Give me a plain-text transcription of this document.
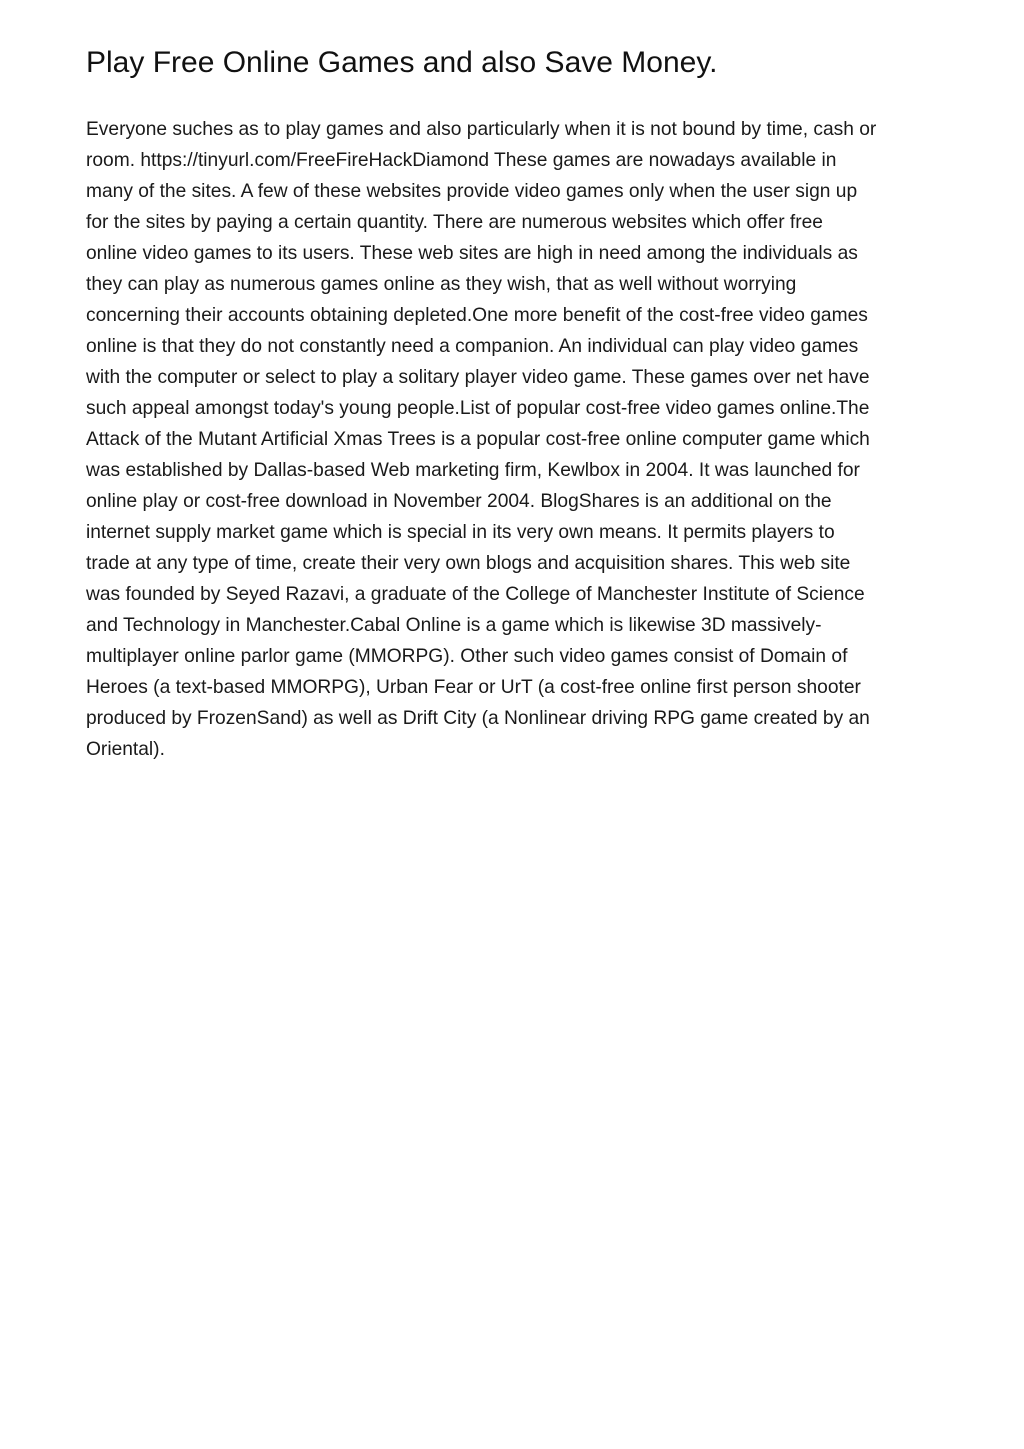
Play Free Online Games and also Save Money.
Everyone suches as to play games and also particularly when it is not bound by time, cash or
room. https://tinyurl.com/FreeFireHackDiamond These games are nowadays available in
many of the sites. A few of these websites provide video games only when the user sign up
for the sites by paying a certain quantity. There are numerous websites which offer free
online video games to its users. These web sites are high in need among the individuals as
they can play as numerous games online as they wish, that as well without worrying
concerning their accounts obtaining depleted.One more benefit of the cost-free video games
online is that they do not constantly need a companion. An individual can play video games
with the computer or select to play a solitary player video game. These games over net have
such appeal amongst today's young people.List of popular cost-free video games online.The
Attack of the Mutant Artificial Xmas Trees is a popular cost-free online computer game which
was established by Dallas-based Web marketing firm, Kewlbox in 2004. It was launched for
online play or cost-free download in November 2004. BlogShares is an additional on the
internet supply market game which is special in its very own means. It permits players to
trade at any type of time, create their very own blogs and acquisition shares. This web site
was founded by Seyed Razavi, a graduate of the College of Manchester Institute of Science
and Technology in Manchester.Cabal Online is a game which is likewise 3D massively-
multiplayer online parlor game (MMORPG). Other such video games consist of Domain of
Heroes (a text-based MMORPG), Urban Fear or UrT (a cost-free online first person shooter
produced by FrozenSand) as well as Drift City (a Nonlinear driving RPG game created by an
Oriental).
